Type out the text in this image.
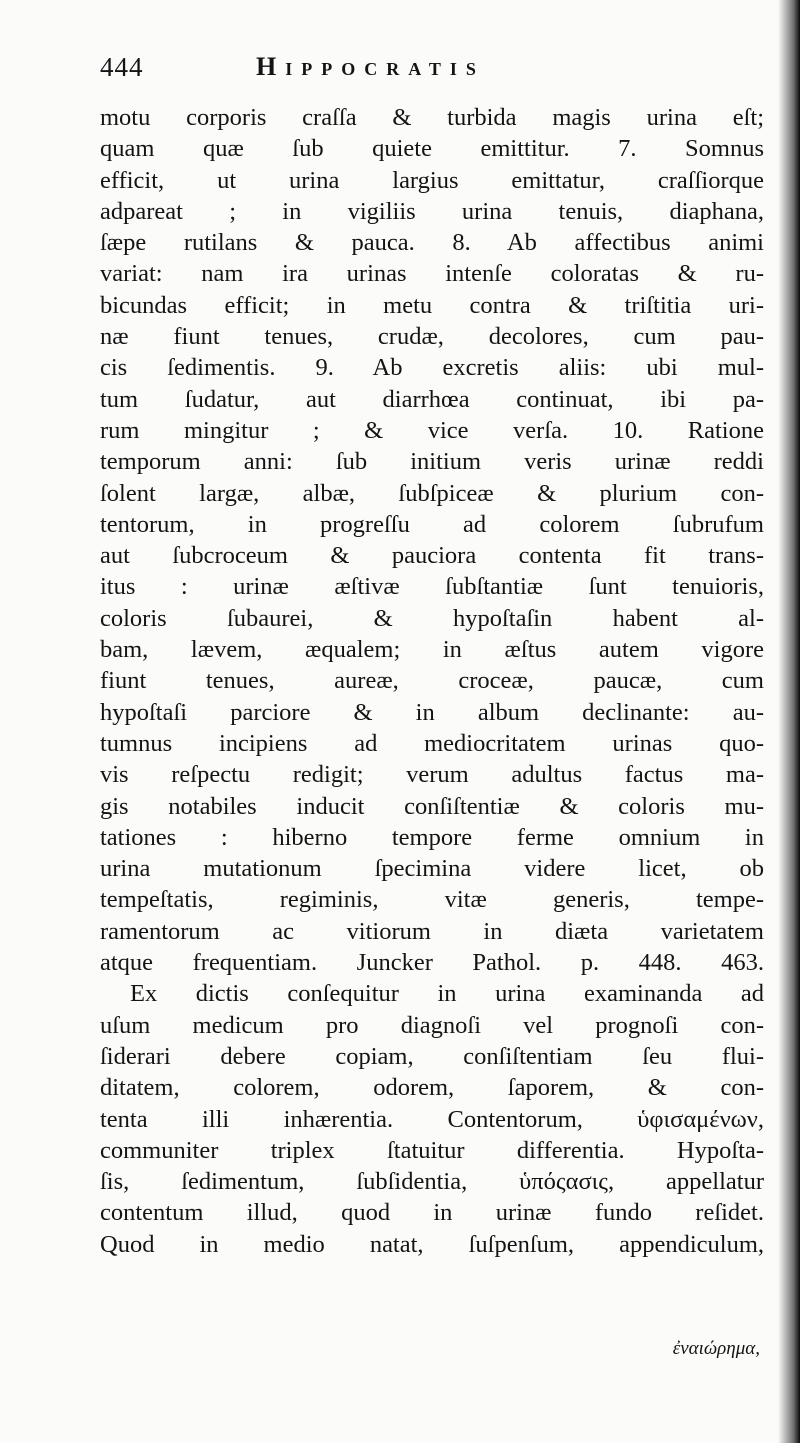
444	Hippocratis
motu corporis craſſa & turbida magis urina eſt;
quam quæ ſub quiete emittitur. 7. Somnus
efficit, ut urina largius emittatur, craſſiorque
adpareat ; in vigiliis urina tenuis, diaphana,
ſæpe rutilans & pauca. 8. Ab affectibus animi
variat: nam ira urinas intenſe coloratas & ru-
bicundas efficit; in metu contra & triſtitia uri-
næ fiunt tenues, crudæ, decolores, cum pau-
cis ſedimentis. 9. Ab excretis aliis: ubi mul-
tum ſudatur, aut diarrhœa continuat, ibi pa-
rum mingitur ; & vice verſa. 10. Ratione
temporum anni: ſub initium veris urinæ reddi
ſolent largæ, albæ, ſubſpiceæ & plurium con-
tentorum, in progreſſu ad colorem ſubrufum
aut ſubcroceum & pauciora contenta fit trans-
itus : urinæ æſtivæ ſubſtantiæ ſunt tenuioris,
coloris ſubaurei, & hypoſtaſin habent al-
bam, lævem, æqualem; in æſtus autem vigore
fiunt tenues, aureæ, croceæ, paucæ, cum
hypoſtaſi parciore & in album declinante: au-
tumnus incipiens ad mediocritatem urinas quo-
vis reſpectu redigit; verum adultus factus ma-
gis notabiles inducit conſiſtentiæ & coloris mu-
tationes : hiberno tempore ferme omnium in
urina mutationum ſpecimina videre licet, ob
tempeſtatis, regiminis, vitæ generis, tempe-
ramentorum ac vitiorum in diæta varietatem
atque frequentiam. Juncker Pathol. p. 448. 463.
Ex dictis conſequitur in urina examinanda ad
uſum medicum pro diagnoſi vel prognoſi con-
ſiderari debere copiam, conſiſtentiam ſeu flui-
ditatem, colorem, odorem, ſaporem, & con-
tenta illi inhærentia. Contentorum, ὑφισαμένων,
communiter triplex ſtatuitur differentia. Hypoſta-
ſis, ſedimentum, ſubſidentia, ὑπόςασις, appellatur
contentum illud, quod in urinæ fundo reſidet.
Quod in medio natat, ſuſpenſum, appendiculum,
ἐναιώρημα,
